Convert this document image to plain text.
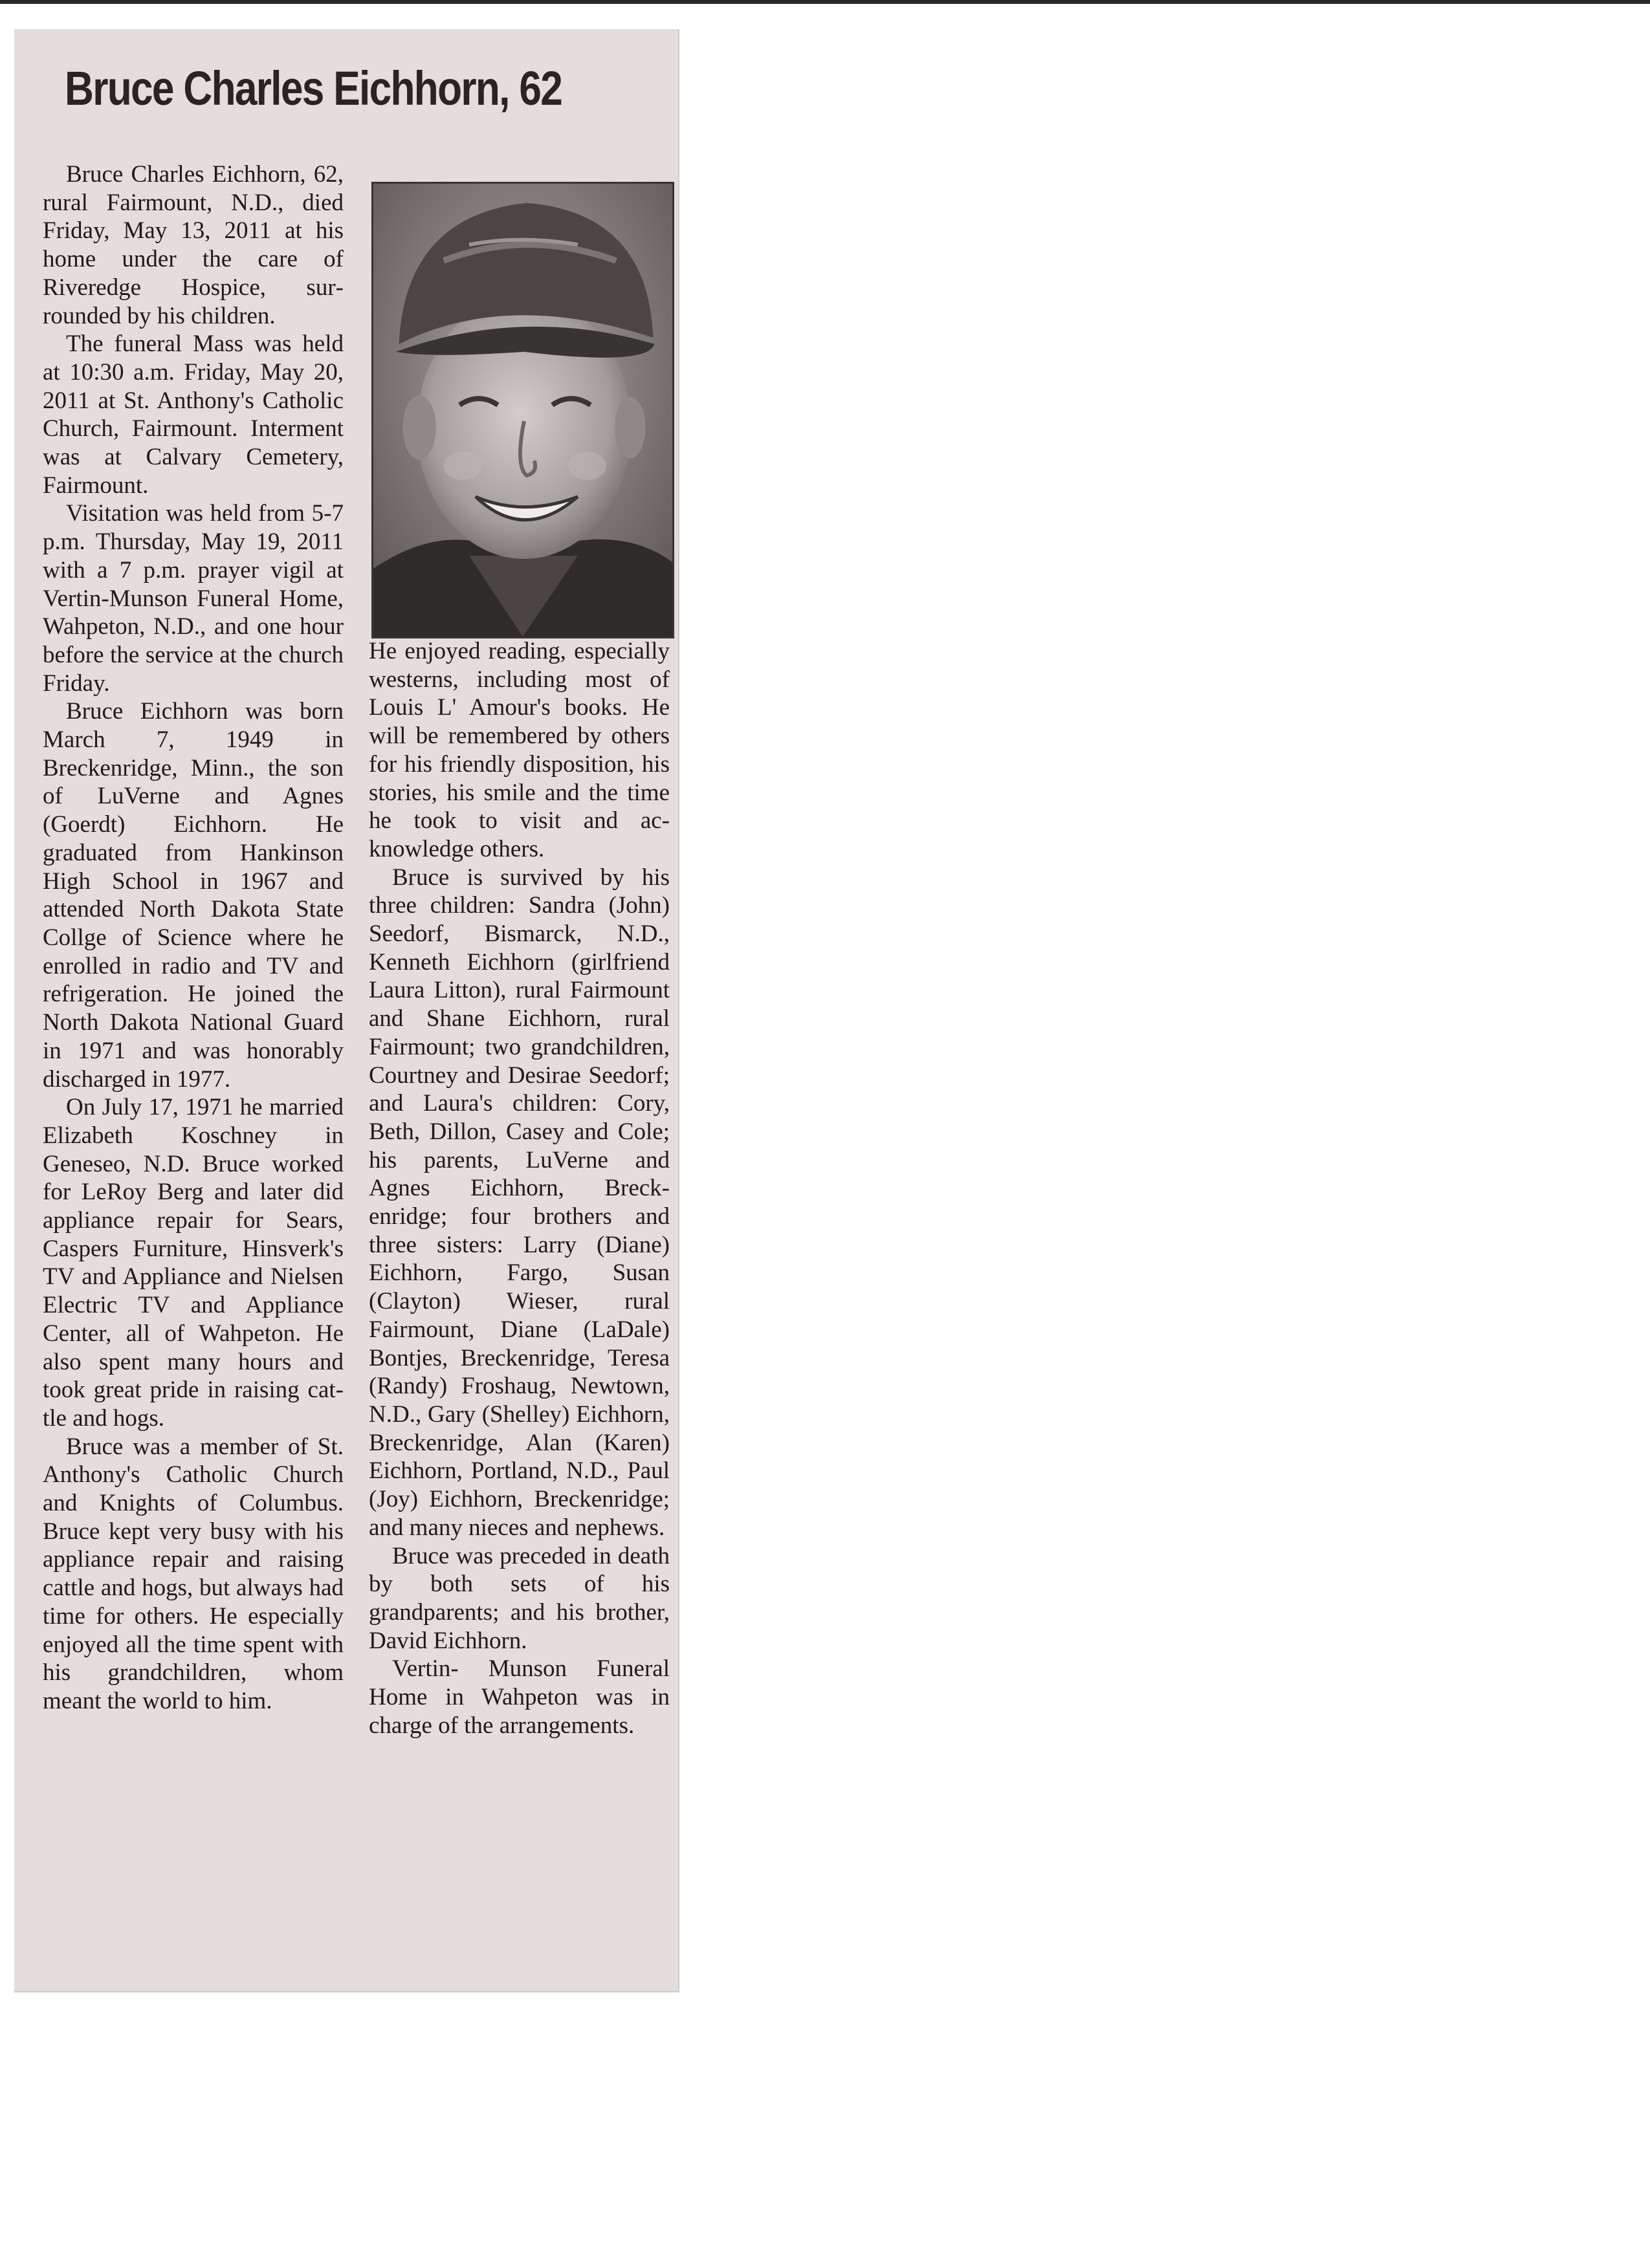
Bruce Charles Eichhorn, 62

Bruce Charles Eichhorn, 62, rural Fairmount, N.D., died Friday, May 13, 2011 at his home under the care of Riveredge Hospice, surrounded by his children.

The funeral Mass was held at 10:30 a.m. Friday, May 20, 2011 at St. Anthony's Catholic Church, Fairmount. Interment was at Calvary Cemetery, Fairmount.

Visitation was held from 5-7 p.m. Thursday, May 19, 2011 with a 7 p.m. prayer vigil at Vertin-Munson Funeral Home, Wahpeton, N.D., and one hour before the service at the church Friday.

Bruce Eichhorn was born March 7, 1949 in Breckenridge, Minn., the son of LuVerne and Agnes (Goerdt) Eichhorn. He graduated from Hankinson High School in 1967 and attended North Dakota State Collge of Science where he enrolled in radio and TV and refrigeration. He joined the North Dakota National Guard in 1971 and was honorably discharged in 1977.

On July 17, 1971 he married Elizabeth Koschney in Geneseo, N.D. Bruce worked for LeRoy Berg and later did appliance repair for Sears, Caspers Furniture, Hinsverk's TV and Appliance and Nielsen Electric TV and Appliance Center, all of Wahpeton. He also spent many hours and took great pride in raising cattle and hogs.

Bruce was a member of St. Anthony's Catholic Church and Knights of Columbus. Bruce kept very busy with his appliance repair and raising cattle and hogs, but always had time for others. He especially enjoyed all the time spent with his grandchildren, whom meant the world to him.

He enjoyed reading, especially westerns, including most of Louis L' Amour's books. He will be remembered by others for his friendly disposition, his stories, his smile and the time he took to visit and acknowledge others.

Bruce is survived by his three children: Sandra (John) Seedorf, Bismarck, N.D., Kenneth Eichhorn (girlfriend Laura Litton), rural Fairmount and Shane Eichhorn, rural Fairmount; two grandchildren, Courtney and Desirae Seedorf; and Laura's children: Cory, Beth, Dillon, Casey and Cole; his parents, LuVerne and Agnes Eichhorn, Breckenridge; four brothers and three sisters: Larry (Diane) Eichhorn, Fargo, Susan (Clayton) Wieser, rural Fairmount, Diane (LaDale) Bontjes, Breckenridge, Teresa (Randy) Froshaug, Newtown, N.D., Gary (Shelley) Eichhorn, Breckenridge, Alan (Karen) Eichhorn, Portland, N.D., Paul (Joy) Eichhorn, Breckenridge; and many nieces and nephews.

Bruce was preceded in death by both sets of his grandparents; and his brother, David Eichhorn.

Vertin- Munson Funeral Home in Wahpeton was in charge of the arrangements.
